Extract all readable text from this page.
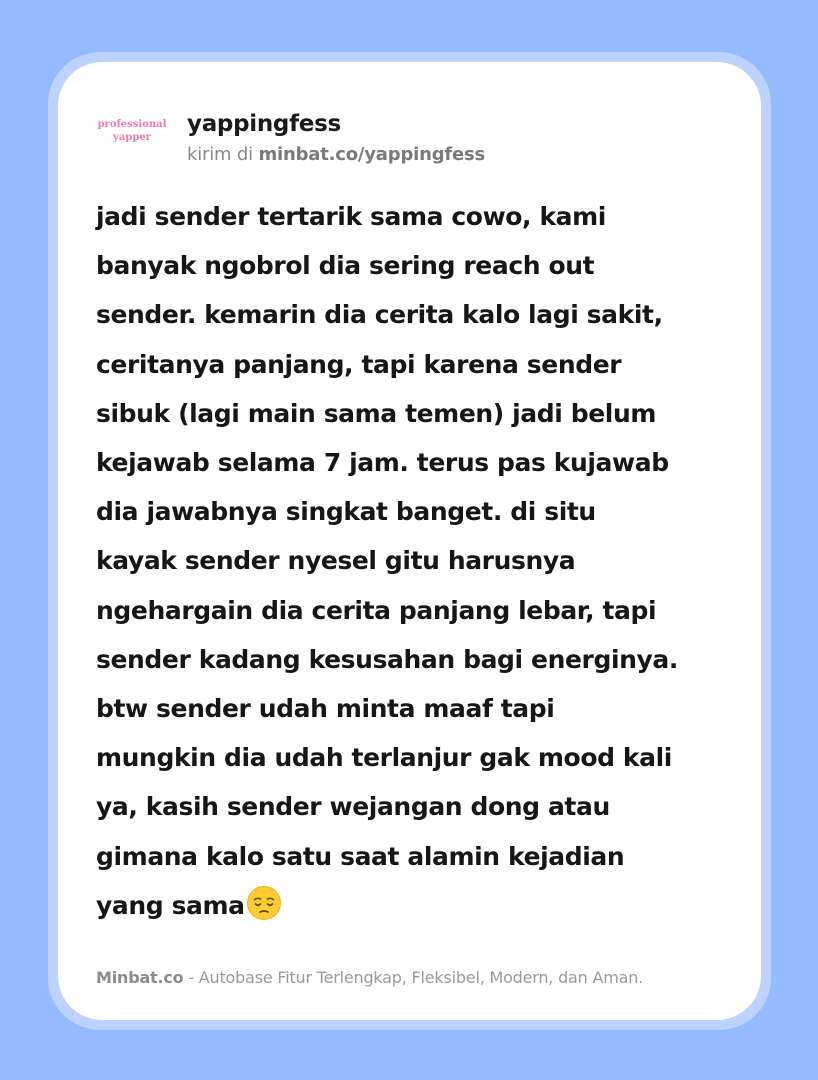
professional
yapper
yappingfess
kirim di minbat.co/yappingfess
jadi sender tertarik sama cowo, kami
banyak ngobrol dia sering reach out
sender. kemarin dia cerita kalo lagi sakit,
ceritanya panjang, tapi karena sender
sibuk (lagi main sama temen) jadi belum
kejawab selama 7 jam. terus pas kujawab
dia jawabnya singkat banget. di situ
kayak sender nyesel gitu harusnya
ngehargain dia cerita panjang lebar, tapi
sender kadang kesusahan bagi energinya.
btw sender udah minta maaf tapi
mungkin dia udah terlanjur gak mood kali
ya, kasih sender wejangan dong atau
gimana kalo satu saat alamin kejadian
yang sama
Minbat.co - Autobase Fitur Terlengkap, Fleksibel, Modern, dan Aman.
